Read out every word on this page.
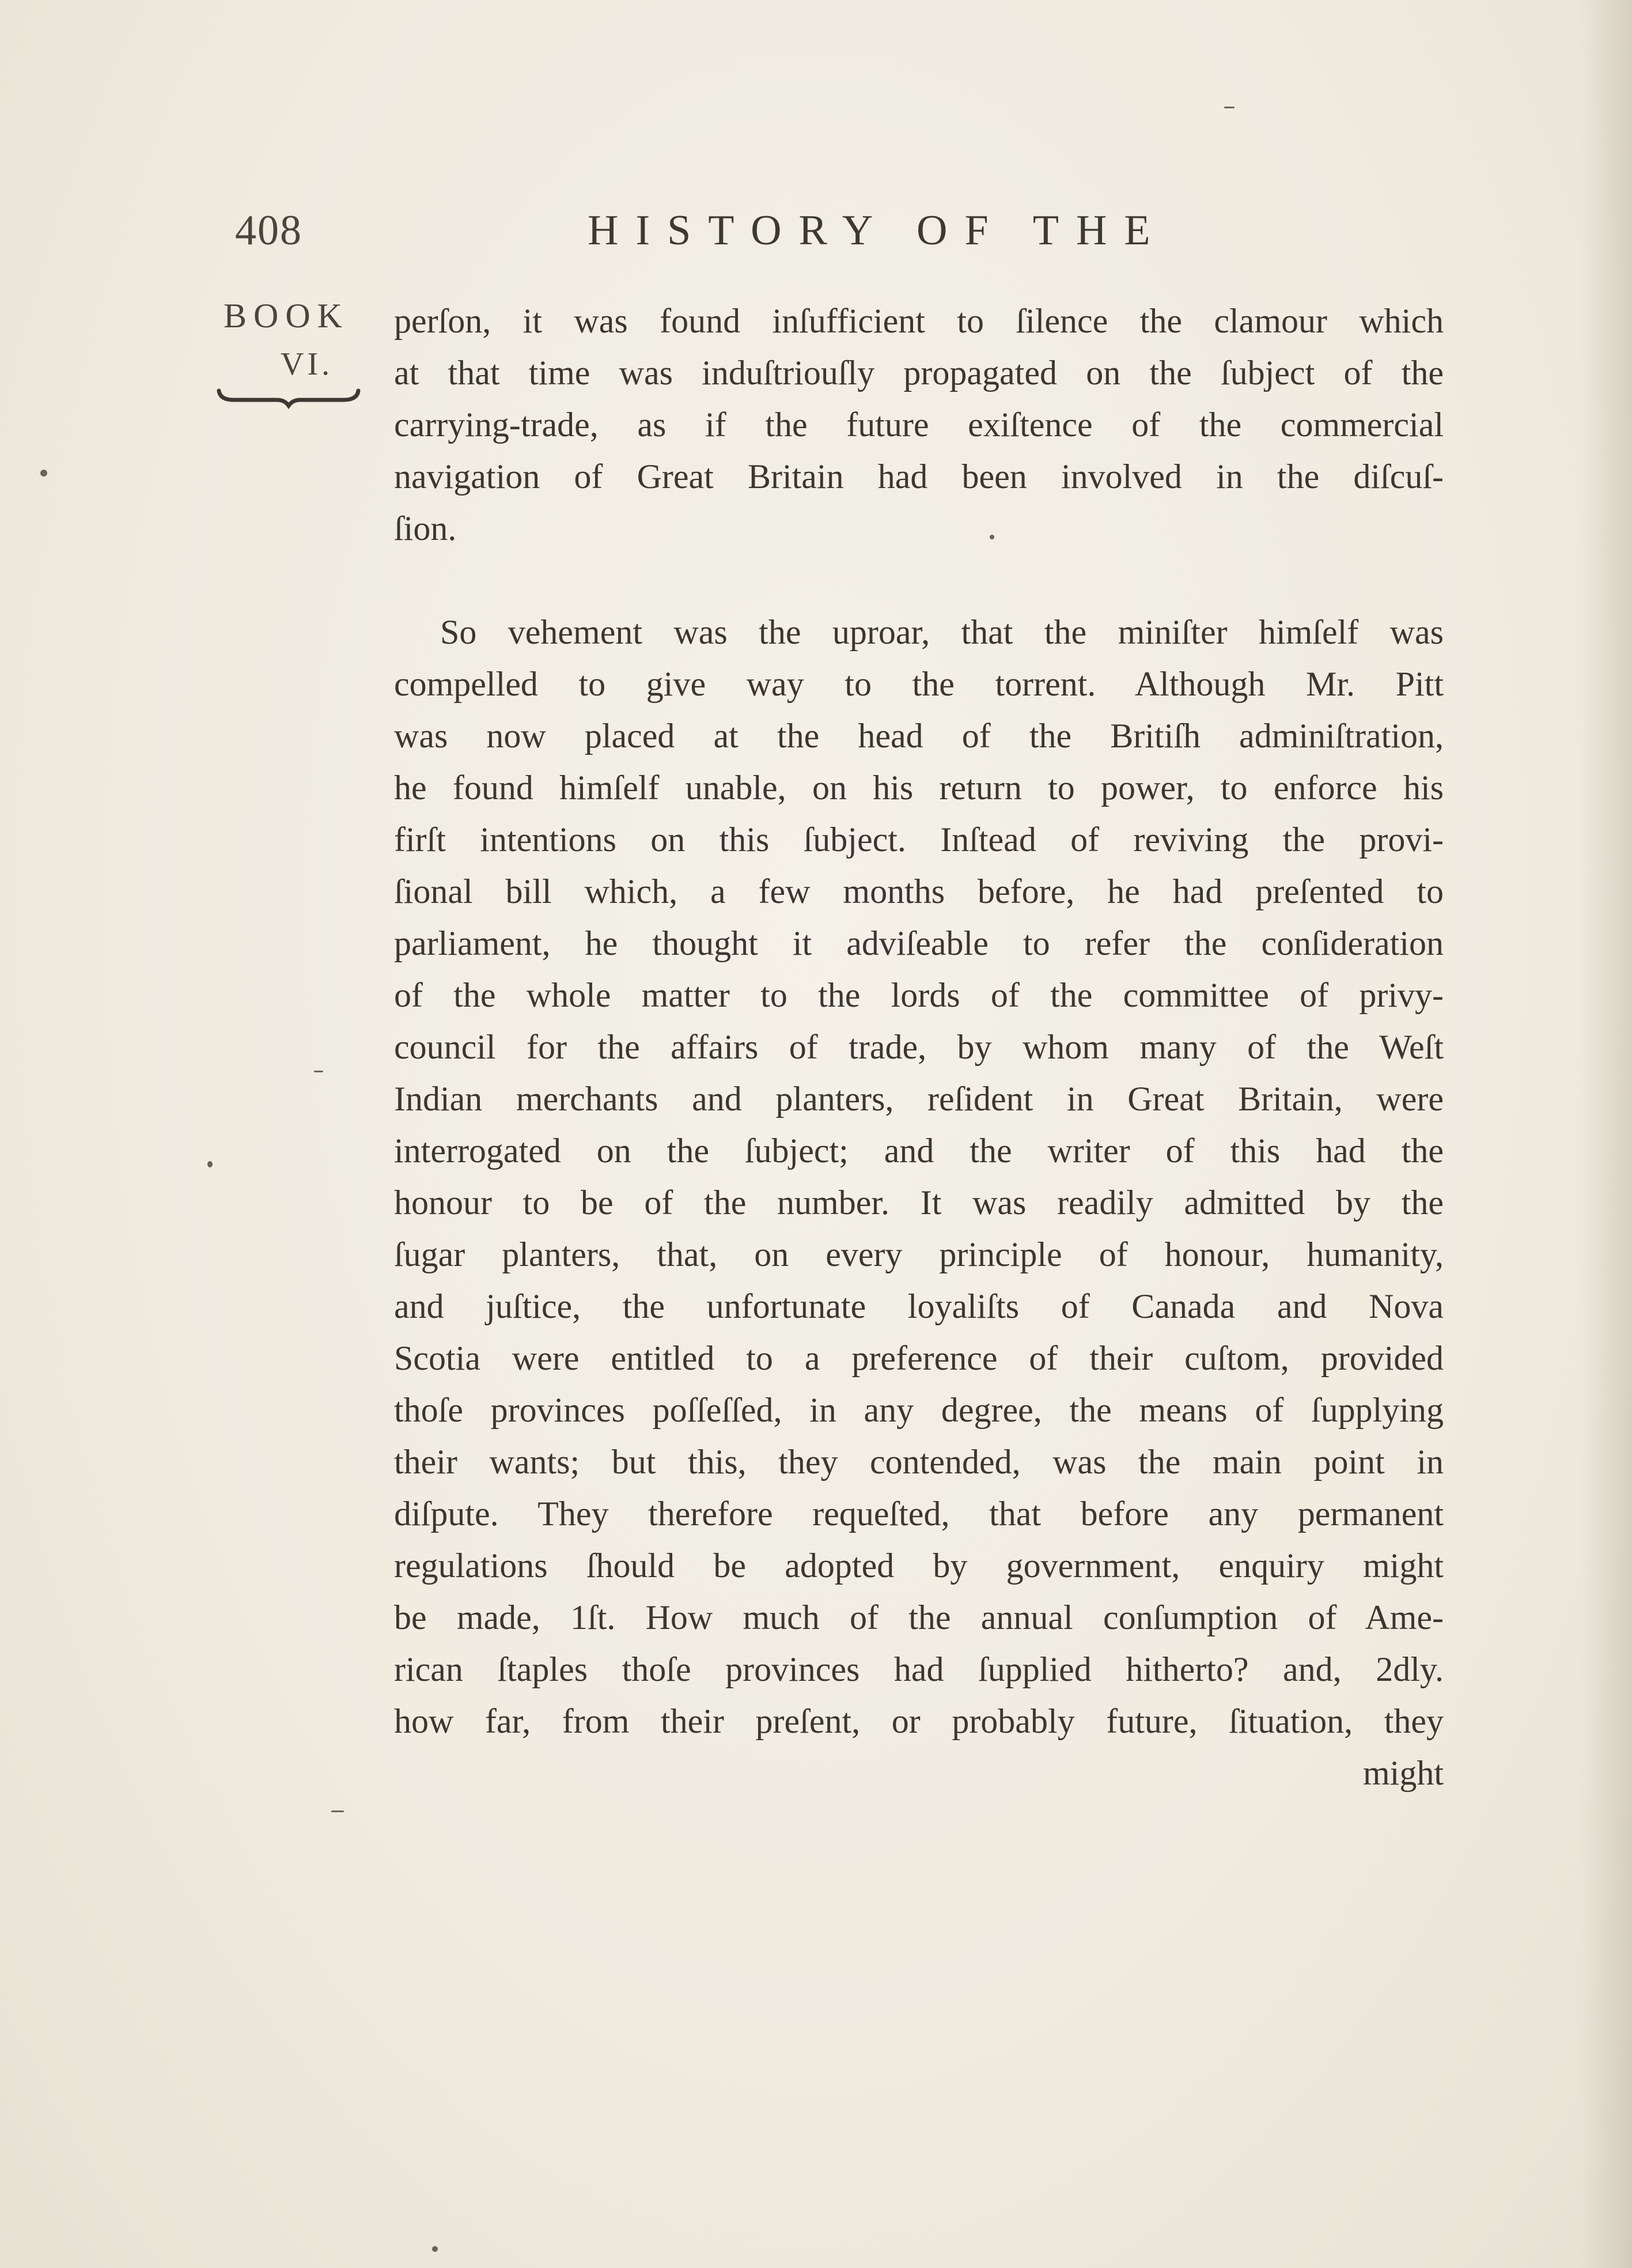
408	HISTORY OF THE
BOOK
VI.
perſon, it was found inſufficient to ſilence the clamour which
at that time was induſtriouſly propagated on the ſubject of the
carrying-trade, as if the future exiſtence of the commercial
navigation of Great Britain had been involved in the diſcuſ-
ſion.
So vehement was the uproar, that the miniſter himſelf was
compelled to give way to the torrent. Although Mr. Pitt
was now placed at the head of the Britiſh adminiſtration,
he found himſelf unable, on his return to power, to enforce his
firſt intentions on this ſubject. Inſtead of reviving the provi-
ſional bill which, a few months before, he had preſented to
parliament, he thought it adviſeable to refer the conſideration
of the whole matter to the lords of the committee of privy-
council for the affairs of trade, by whom many of the Weſt
Indian merchants and planters, reſident in Great Britain, were
interrogated on the ſubject; and the writer of this had the
honour to be of the number. It was readily admitted by the
ſugar planters, that, on every principle of honour, humanity,
and juſtice, the unfortunate loyaliſts of Canada and Nova
Scotia were entitled to a preference of their cuſtom, provided
thoſe provinces poſſeſſed, in any degree, the means of ſupplying
their wants; but this, they contended, was the main point in
diſpute. They therefore requeſted, that before any permanent
regulations ſhould be adopted by government, enquiry might
be made, 1ſt. How much of the annual conſumption of Ame-
rican ſtaples thoſe provinces had ſupplied hitherto? and, 2dly.
how far, from their preſent, or probably future, ſituation, they
might
